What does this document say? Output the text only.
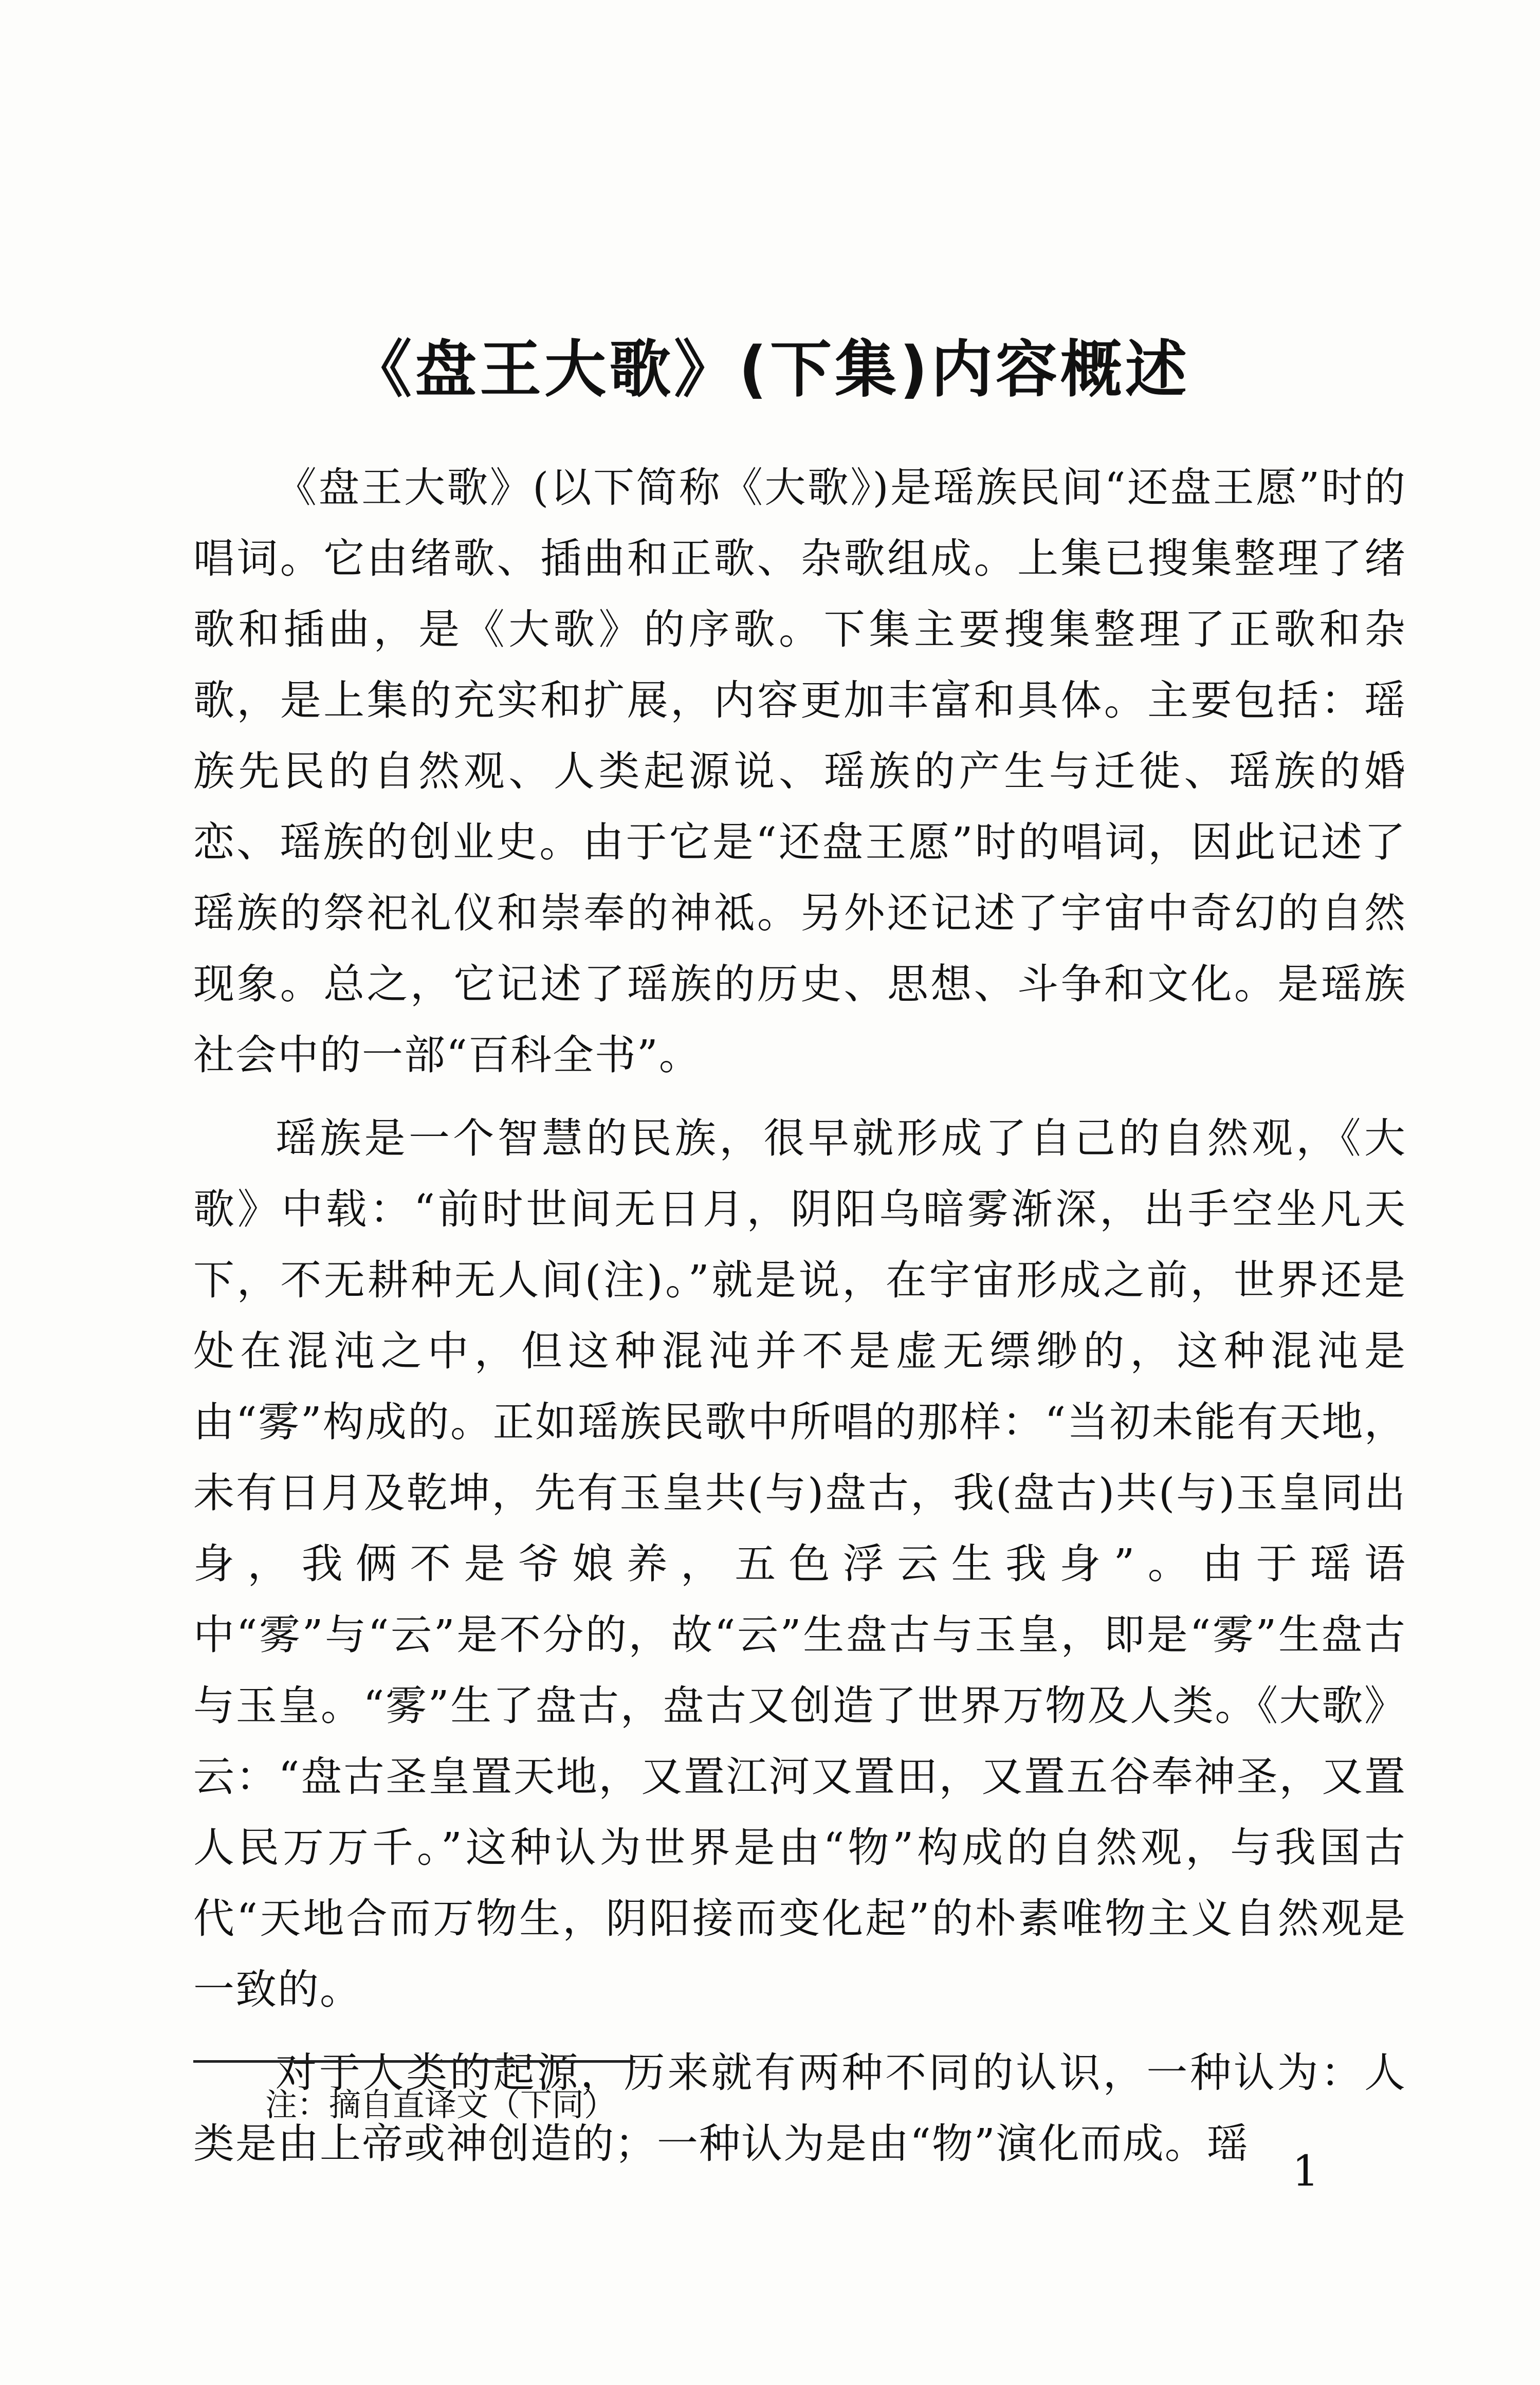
《盘王大歌》(下集)内容概述

《盘王大歌》(以下简称《大歌》)是瑶族民间“还盘王愿”时的唱词。它由绪歌、插曲和正歌、杂歌组成。上集已搜集整理了绪歌和插曲，是《大歌》的序歌。下集主要搜集整理了正歌和杂歌，是上集的充实和扩展，内容更加丰富和具体。主要包括：瑶族先民的自然观、人类起源说、瑶族的产生与迁徙、瑶族的婚恋、瑶族的创业史。由于它是“还盘王愿”时的唱词，因此记述了瑶族的祭祀礼仪和崇奉的神祗。另外还记述了宇宙中奇幻的自然现象。总之，它记述了瑶族的历史、思想、斗争和文化。是瑶族社会中的一部“百科全书”。

瑶族是一个智慧的民族，很早就形成了自己的自然观，《大歌》中载：“前时世间无日月，阴阳乌暗雾渐深，出手空坐凡天下，不无耕种无人间(注)。”就是说，在宇宙形成之前，世界还是处在混沌之中，但这种混沌并不是虚无缥缈的，这种混沌是由“雾”构成的。正如瑶族民歌中所唱的那样：“当初未能有天地，未有日月及乾坤，先有玉皇共(与)盘古，我(盘古)共(与)玉皇同出身，我俩不是爷娘养，五色浮云生我身”。由于瑶语中“雾”与“云”是不分的，故“云”生盘古与玉皇，即是“雾”生盘古与玉皇。“雾”生了盘古，盘古又创造了世界万物及人类。《大歌》云：“盘古圣皇置天地，又置江河又置田，又置五谷奉神圣，又置人民万万千。”这种认为世界是由“物”构成的自然观，与我国古代“天地合而万物生，阴阳接而变化起”的朴素唯物主义自然观是一致的。

对于人类的起源，历来就有两种不同的认识，一种认为：人类是由上帝或神创造的；一种认为是由“物”演化而成。瑶

注：摘自直译文（下同）
1
